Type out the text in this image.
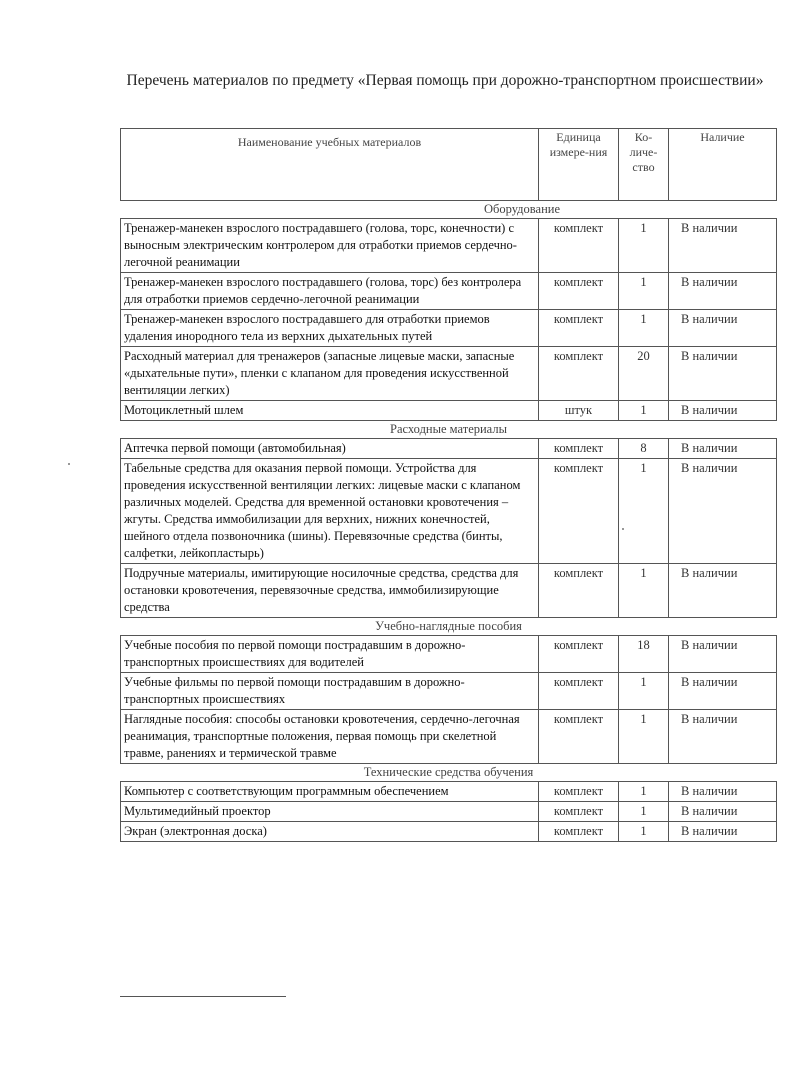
Перечень материалов по предмету «Первая помощь при дорожно-транспортном происшествии»
Наименование учебных материалов	Единица измере-ния	Ко-личе-ство	Наличие
Оборудование			
Тренажер-манекен взрослого пострадавшего (голова, торс, конечности) с выносным электрическим контролером для отработки приемов сердечно-легочной реанимации	комплект	1	В наличии
Тренажер-манекен взрослого пострадавшего (голова, торс) без контролера для отработки приемов сердечно-легочной реанимации	комплект	1	В наличии
Тренажер-манекен взрослого пострадавшего для отработки приемов удаления инородного тела из верхних дыхательных путей	комплект	1	В наличии
Расходный материал для тренажеров (запасные лицевые маски, запасные «дыхательные пути», пленки с клапаном для проведения искусственной вентиляции легких)	комплект	20	В наличии
Мотоциклетный шлем	штук	1	В наличии
Расходные материалы			
Аптечка первой помощи (автомобильная)	комплект	8	В наличии
Табельные средства для оказания первой помощи. Устройства для проведения искусственной вентиляции легких: лицевые маски с клапаном различных моделей. Средства для временной остановки кровотечения – жгуты. Средства иммобилизации для верхних, нижних конечностей, шейного отдела позвоночника (шины). Перевязочные средства (бинты, салфетки, лейкопластырь)	комплект	1	В наличии
Подручные материалы, имитирующие носилочные средства, средства для остановки кровотечения, перевязочные средства, иммобилизирующие средства	комплект	1	В наличии
Учебно-наглядные пособия			
Учебные пособия по первой помощи пострадавшим в дорожно-транспортных происшествиях для водителей	комплект	18	В наличии
Учебные фильмы по первой помощи пострадавшим в дорожно-транспортных происшествиях	комплект	1	В наличии
Наглядные пособия: способы остановки кровотечения, сердечно-легочная реанимация, транспортные положения, первая помощь при скелетной травме, ранениях и термической травме	комплект	1	В наличии
Технические средства обучения			
Компьютер с соответствующим программным обеспечением	комплект	1	В наличии
Мультимедийный проектор	комплект	1	В наличии
Экран (электронная доска)	комплект	1	В наличии
